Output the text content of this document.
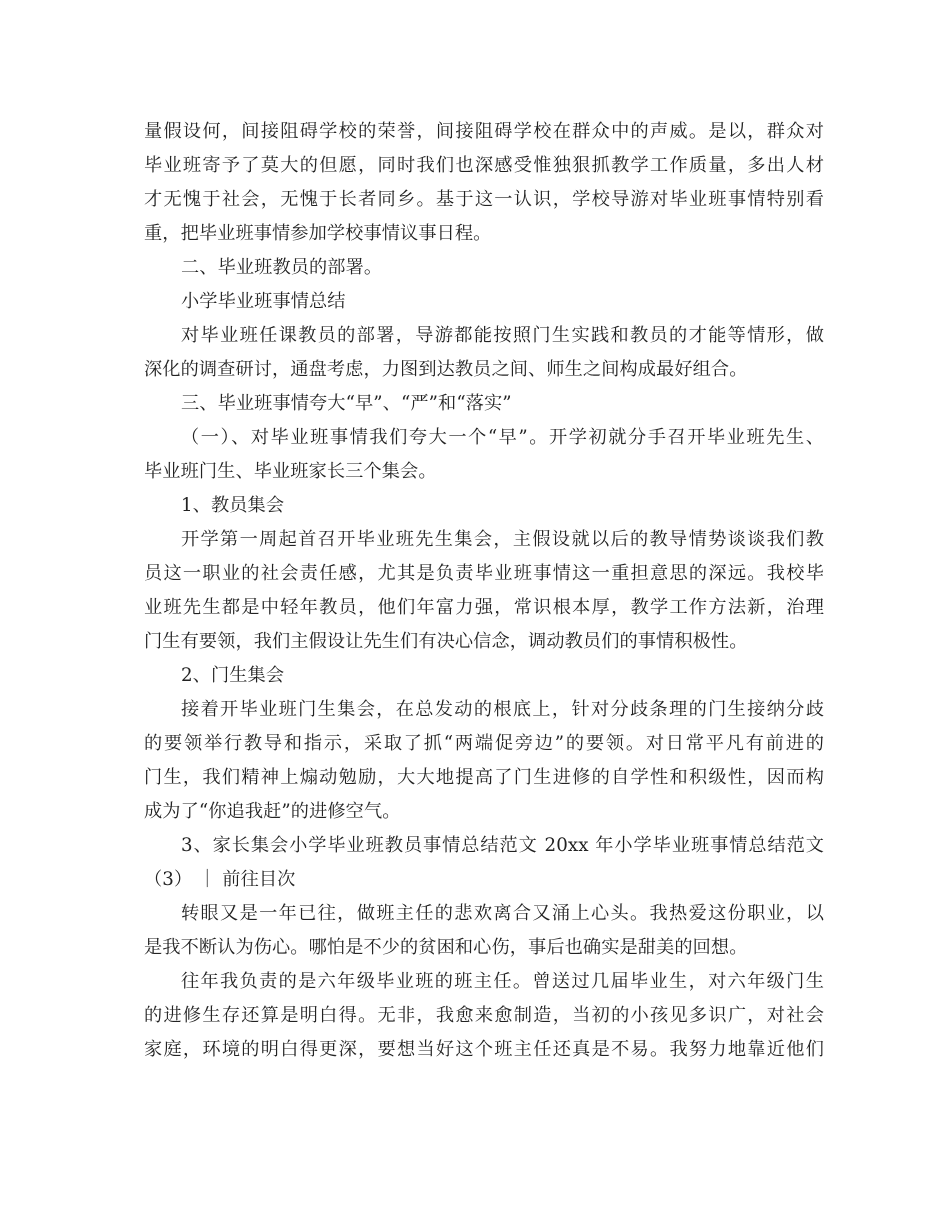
量假设何，间接阻碍学校的荣誉，间接阻碍学校在群众中的声威。是以，群众对
毕业班寄予了莫大的但愿，同时我们也深感受惟独狠抓教学工作质量，多出人材
才无愧于社会，无愧于长者同乡。基于这一认识，学校导游对毕业班事情特别看
重，把毕业班事情参加学校事情议事日程。
二、毕业班教员的部署。
小学毕业班事情总结
对毕业班任课教员的部署，导游都能按照门生实践和教员的才能等情形，做
深化的调查研讨，通盘考虑，力图到达教员之间、师生之间构成最好组合。
三、毕业班事情夸大“早”、“严”和“落实”
（一）、对毕业班事情我们夸大一个“早”。开学初就分手召开毕业班先生、
毕业班门生、毕业班家长三个集会。
1、教员集会
开学第一周起首召开毕业班先生集会，主假设就以后的教导情势谈谈我们教
员这一职业的社会责任感，尤其是负责毕业班事情这一重担意思的深远。我校毕
业班先生都是中轻年教员，他们年富力强，常识根本厚，教学工作方法新，治理
门生有要领，我们主假设让先生们有决心信念，调动教员们的事情积极性。
2、门生集会
接着开毕业班门生集会，在总发动的根底上，针对分歧条理的门生接纳分歧
的要领举行教导和指示，采取了抓“两端促旁边”的要领。对日常平凡有前进的
门生，我们精神上煽动勉励，大大地提高了门生进修的自学性和积级性，因而构
成为了“你追我赶”的进修空气。
3、家长集会小学毕业班教员事情总结范文 20xx 年小学毕业班事情总结范文
（3） ｜ 前往目次
转眼又是一年已往，做班主任的悲欢离合又涌上心头。我热爱这份职业，以
是我不断认为伤心。哪怕是不少的贫困和心伤，事后也确实是甜美的回想。
往年我负责的是六年级毕业班的班主任。曾送过几届毕业生，对六年级门生
的进修生存还算是明白得。无非，我愈来愈制造，当初的小孩见多识广，对社会
家庭，环境的明白得更深，要想当好这个班主任还真是不易。我努力地靠近他们
